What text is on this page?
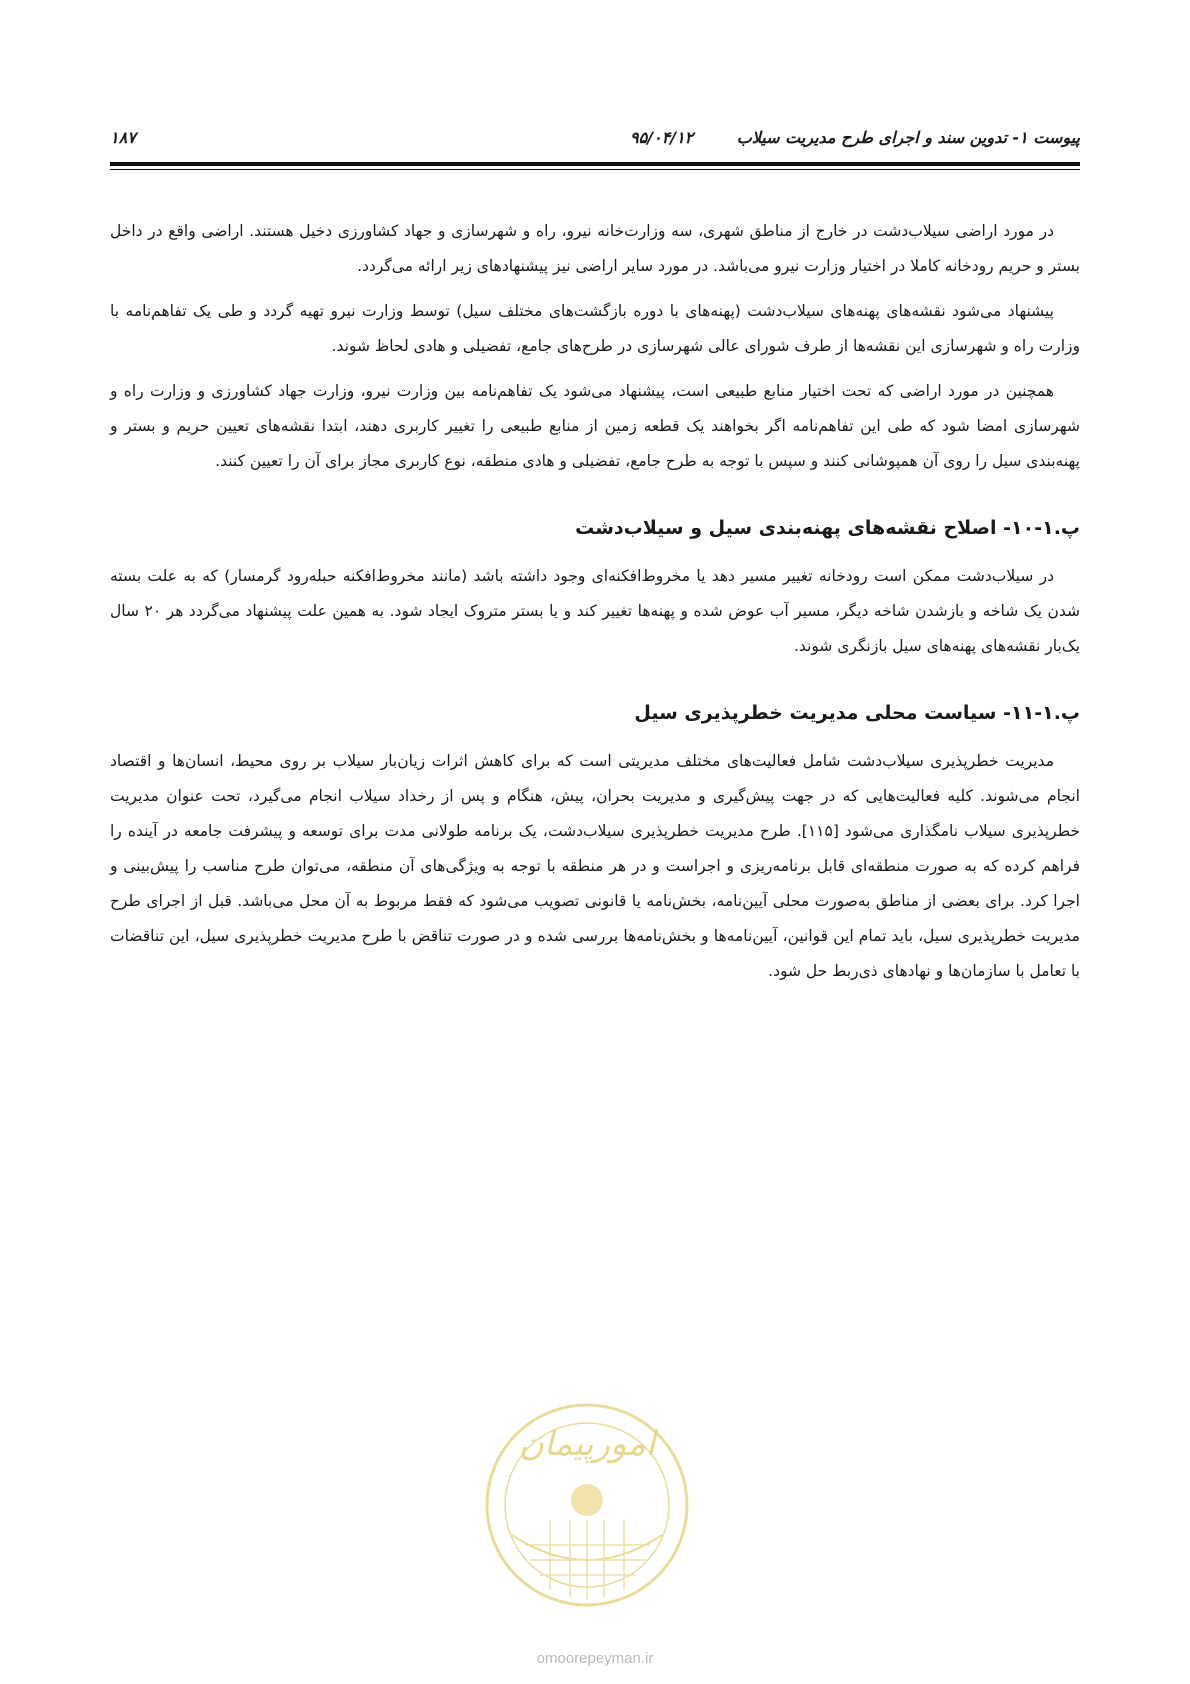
پیوست ۱- تدوین سند و اجرای طرح مدیریت سیلاب
۹۵/۰۴/۱۲
۱۸۷

در مورد اراضی سیلاب‌دشت در خارج از مناطق شهری، سه وزارت‌خانه نیرو، راه و شهرسازی و جهاد کشاورزی دخیل هستند. اراضی واقع در داخل بستر و حریم رودخانه کاملا در اختیار وزارت نیرو می‌باشد. در مورد سایر اراضی نیز پیشنهادهای زیر ارائه می‌گردد.

پیشنهاد می‌شود نقشه‌های پهنه‌های سیلاب‌دشت (پهنه‌های با دوره بازگشت‌های مختلف سیل) توسط وزارت نیرو تهیه گردد و طی یک تفاهم‌نامه با وزارت راه و شهرسازی این نقشه‌ها از طرف شورای عالی شهرسازی در طرح‌های جامع، تفضیلی و هادی لحاظ شوند.

همچنین در مورد اراضی که تحت اختیار منابع طبیعی است، پیشنهاد می‌شود یک تفاهم‌نامه بین وزارت نیرو، وزارت جهاد کشاورزی و وزارت راه و شهرسازی امضا شود که طی این تفاهم‌نامه اگر بخواهند یک قطعه زمین از منابع طبیعی را تغییر کاربری دهند، ابتدا نقشه‌های تعیین حریم و بستر و پهنه‌بندی سیل را روی آن همپوشانی کنند و سپس با توجه به طرح جامع، تفضیلی و هادی منطقه، نوع کاربری مجاز برای آن را تعیین کنند.

پ.۱-۱۰- اصلاح نقشه‌های پهنه‌بندی سیل و سیلاب‌دشت

در سیلاب‌دشت ممکن است رودخانه تغییر مسیر دهد یا مخروط‌افکنه‌ای وجود داشته باشد (مانند مخروط‌افکنه حبله‌رود گرمسار) که به علت بسته شدن یک شاخه و بازشدن شاخه دیگر، مسیر آب عوض شده و پهنه‌ها تغییر کند و یا بستر متروک ایجاد شود. به همین علت پیشنهاد می‌گردد هر ۲۰ سال یک‌بار نقشه‌های پهنه‌های سیل بازنگری شوند.

پ.۱-۱۱- سیاست محلی مدیریت خطرپذیری سیل

مدیریت خطرپذیری سیلاب‌دشت شامل فعالیت‌های مختلف مدیریتی است که برای کاهش اثرات زیان‌بار سیلاب بر روی محیط، انسان‌ها و اقتصاد انجام می‌شوند. کلیه فعالیت‌هایی که در جهت پیش‌گیری و مدیریت بحران، پیش، هنگام و پس از رخداد سیلاب انجام می‌گیرد، تحت عنوان مدیریت خطرپذیری سیلاب نامگذاری می‌شود [۱۱۵]. طرح مدیریت خطرپذیری سیلاب‌دشت، یک برنامه طولانی مدت برای توسعه و پیشرفت جامعه در آینده را فراهم کرده که به صورت منطقه‌ای قابل برنامه‌ریزی و اجراست و در هر منطقه با توجه به ویژگی‌های آن منطقه، می‌توان طرح مناسب را پیش‌بینی و اجرا کرد. برای بعضی از مناطق به‌صورت محلی آیین‌نامه، بخش‌نامه یا قانونی تصویب می‌شود که فقط مربوط به آن محل می‌باشد. قبل از اجرای طرح مدیریت خطرپذیری سیل، باید تمام این قوانین، آیین‌نامه‌ها و بخش‌نامه‌ها بررسی شده و در صورت تناقض با طرح مدیریت خطرپذیری سیل، این تناقضات با تعامل با سازمان‌ها و نهادهای ذی‌ربط حل شود.

امورپیمان
omoorepeyman.ir
